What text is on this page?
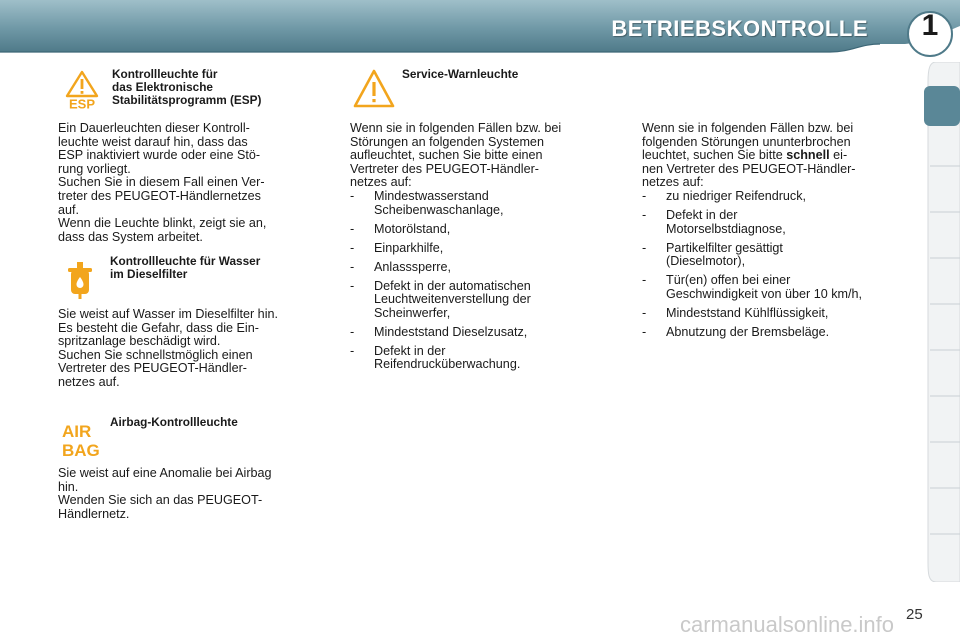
BETRIEBSKONTROLLE	1
ESP
Kontrollleuchte für
das Elektronische
Stabilitätsprogramm (ESP)
Ein Dauerleuchten dieser Kontroll-
leuchte weist darauf hin, dass das
ESP inaktiviert wurde oder eine Stö-
rung vorliegt.
Suchen Sie in diesem Fall einen Ver-
treter des PEUGEOT-Händlernetzes
auf.
Wenn die Leuchte blinkt, zeigt sie an,
dass das System arbeitet.
Kontrollleuchte für Wasser
im Dieselfilter
Sie weist auf Wasser im Dieselfilter hin.
Es besteht die Gefahr, dass die Ein-
spritzanlage beschädigt wird.
Suchen Sie schnellstmöglich einen
Vertreter des PEUGEOT-Händler-
netzes auf.
AIR
BAG
Airbag-Kontrollleuchte
Sie weist auf eine Anomalie bei Airbag
hin.
Wenden Sie sich an das PEUGEOT-
Händlernetz.
Service-Warnleuchte
Wenn sie in folgenden Fällen bzw. bei
Störungen an folgenden Systemen
aufleuchtet, suchen Sie bitte einen
Vertreter des PEUGEOT-Händler-
netzes auf:
- Mindestwasserstand
Scheibenwaschanlage,
- Motorölstand,
- Einparkhilfe,
- Anlasssperre,
- Defekt in der automatischen
Leuchtweitenverstellung der
Scheinwerfer,
- Mindeststand Dieselzusatz,
- Defekt in der
Reifendrucküberwachung.
Wenn sie in folgenden Fällen bzw. bei
folgenden Störungen ununterbrochen
leuchtet, suchen Sie bitte schnell ei-
nen Vertreter des PEUGEOT-Händler-
netzes auf:
- zu niedriger Reifendruck,
- Defekt in der
Motorselbstdiagnose,
- Partikelfilter gesättigt
(Dieselmotor),
- Tür(en) offen bei einer
Geschwindigkeit von über 10 km/h,
- Mindeststand Kühlflüssigkeit,
- Abnutzung der Bremsbeläge.
25
carmanualsonline.info
